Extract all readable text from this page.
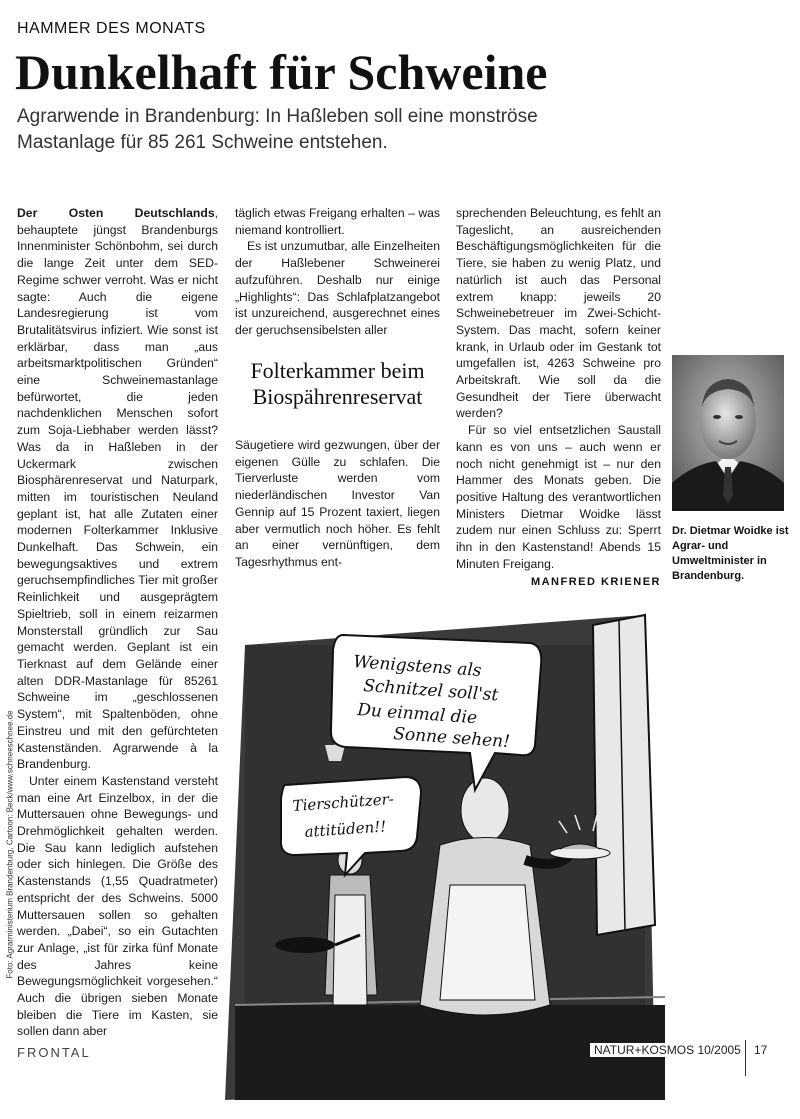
HAMMER DES MONATS
Dunkelhaft für Schweine
Agrarwende in Brandenburg: In Haßleben soll eine monströse Mastanlage für 85 261 Schweine entstehen.

Der Osten Deutschlands, behauptete jüngst Brandenburgs Innenminister Schönbohm, sei durch die lange Zeit unter dem SED-Regime schwer verroht. Was er nicht sagte: Auch die eigene Landesregierung ist vom Brutalitätsvirus infiziert. Wie sonst ist erklärbar, dass man „aus arbeitsmarktpolitischen Gründen“ eine Schweinemastanlage befürwortet, die jeden nachdenklichen Menschen sofort zum Soja-Liebhaber werden lässt? Was da in Haßleben in der Uckermark zwischen Biosphärenreservat und Naturpark, mitten im touristischen Neuland geplant ist, hat alle Zutaten einer modernen Folterkammer Inklusive Dunkelhaft. Das Schwein, ein bewegungsaktives und extrem geruchsempfindliches Tier mit großer Reinlichkeit und ausgeprägtem Spieltrieb, soll in einem reizarmen Monsterstall gründlich zur Sau gemacht werden. Geplant ist ein Tierknast auf dem Gelände einer alten DDR-Mastanlage für 85261 Schweine im „geschlossenen System“, mit Spaltenböden, ohne Einstreu und mit den gefürchteten Kastenständen. Agrarwende à la Brandenburg.

Unter einem Kastenstand versteht man eine Art Einzelbox, in der die Muttersauen ohne Bewegungs- und Drehmöglichkeit gehalten werden. Die Sau kann lediglich aufstehen oder sich hinlegen. Die Größe des Kastenstands (1,55 Quadratmeter) entspricht der des Schweins. 5000 Muttersauen sollen so gehalten werden. „Dabei“, so ein Gutachten zur Anlage, „ist für zirka fünf Monate des Jahres keine Bewegungsmöglichkeit vorgesehen.“ Auch die übrigen sieben Monate bleiben die Tiere im Kasten, sie sollen dann aber

täglich etwas Freigang erhalten – was niemand kontrolliert.

Es ist unzumutbar, alle Einzelheiten der Haßlebener Schweinerei aufzuführen. Deshalb nur einige „Highlights“: Das Schlafplatzangebot ist unzureichend, ausgerechnet eines der geruchsensibelsten aller

Säugetiere wird gezwungen, über der eigenen Gülle zu schlafen. Die Tierverluste werden vom niederländischen Investor Van Gennip auf 15 Prozent taxiert, liegen aber vermutlich noch höher. Es fehlt an einer vernünftigen, dem Tagesrhythmus ent-

Folterkammer beim Biospährenreservat

sprechenden Beleuchtung, es fehlt an Tageslicht, an ausreichenden Beschäftigungsmöglichkeiten für die Tiere, sie haben zu wenig Platz, und natürlich ist auch das Personal extrem knapp: jeweils 20 Schweinebetreuer im Zwei-Schicht-System. Das macht, sofern keiner krank, in Urlaub oder im Gestank tot umgefallen ist, 4263 Schweine pro Arbeitskraft. Wie soll da die Gesundheit der Tiere überwacht werden?

Für so viel entsetzlichen Saustall kann es von uns – auch wenn er noch nicht genehmigt ist – nur den Hammer des Monats geben. Die positive Haltung des verantwortlichen Ministers Dietmar Woidke lässt zudem nur einen Schluss zu: Sperrt ihn in den Kastenstand! Abends 15 Minuten Freigang.

MANFRED KRIENER
Dr. Dietmar Woidke ist Agrar- und Umweltminister in Brandenburg.
Foto: Agrarministerium Brandenburg, Cartoon: Beck/www.schneeschnee.de
Wenigstens als
Schnitzel soll'st
Du einmal die
Sonne sehen!
Tierschützer-
attitüden!!
FRONTAL	NATUR+KOSMOS 10/2005	17
